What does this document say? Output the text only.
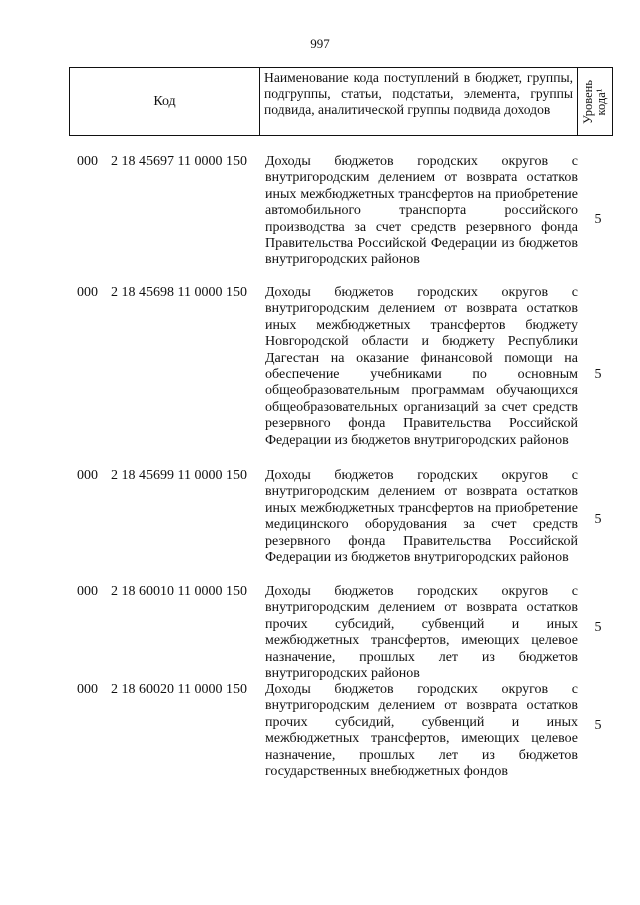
997
Код
Наименование кода поступлений в бюджет, группы, подгруппы, статьи, подстатьи, элемента, группы подвида, аналитической группы подвида доходов	Уровень кода¹
000 2 18 45697 11 0000 150 Доходы бюджетов городских округов с внутригородским делением от возврата остатков иных межбюджетных трансфертов на приобретение автомобильного транспорта российского производства за счет средств резервного фонда Правительства Российской Федерации из бюджетов внутригородских районов
5
000 2 18 45698 11 0000 150 Доходы бюджетов городских округов с внутригородским делением от возврата остатков иных межбюджетных трансфертов бюджету Новгородской области и бюджету Республики Дагестан на оказание финансовой помощи на обеспечение учебниками по основным общеобразовательным программам обучающихся общеобразовательных организаций за счет средств резервного фонда Правительства Российской Федерации из бюджетов внутригородских районов
5
000 2 18 45699 11 0000 150 Доходы бюджетов городских округов с внутригородским делением от возврата остатков иных межбюджетных трансфертов на приобретение медицинского оборудования за счет средств резервного фонда Правительства Российской Федерации из бюджетов внутригородских районов
5
000 2 18 60010 11 0000 150 Доходы бюджетов городских округов с внутригородским делением от возврата остатков прочих субсидий, субвенций и иных межбюджетных трансфертов, имеющих целевое назначение, прошлых лет из бюджетов внутригородских районов
5
000 2 18 60020 11 0000 150 Доходы бюджетов городских округов с внутригородским делением от возврата остатков прочих субсидий, субвенций и иных межбюджетных трансфертов, имеющих целевое назначение, прошлых лет из бюджетов государственных внебюджетных фондов
5
